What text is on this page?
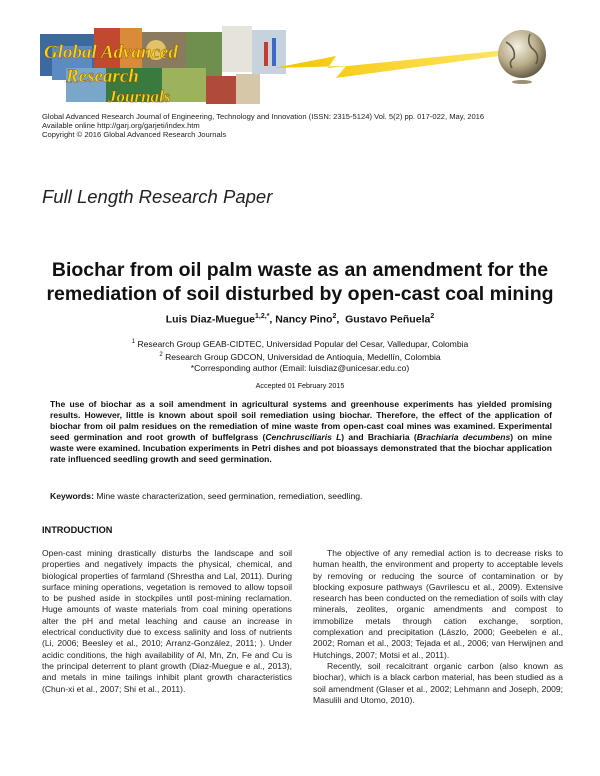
Global Advanced
Research
Journals
Global Advanced Research Journal of Engineering, Technology and Innovation (ISSN: 2315-5124) Vol. 5(2) pp. 017-022, May, 2016
Available online http://garj.org/garjeti/index.htm
Copyright © 2016 Global Advanced Research Journals
Full Length Research Paper
Biochar from oil palm waste as an amendment for the
remediation of soil disturbed by open-cast coal mining
Luis Diaz-Muegue$^{1,2,*}$, Nancy Pino$^2$,  Gustavo Peñuela$^2$
$^1$ Research Group GEAB-CIDTEC, Universidad Popular del Cesar, Valledupar, Colombia
$^2$ Research Group GDCON, Universidad de Antioquia, Medellín, Colombia
*Corresponding author (Email: luisdiaz@unicesar.edu.co)
Accepted 01 February 2015
The use of biochar as a soil amendment in agricultural systems and greenhouse experiments has yielded promising results. However, little is known about spoil soil remediation using biochar. Therefore, the effect of the application of biochar from oil palm residues on the remediation of mine waste from open-cast coal mines was examined. Experimental seed germination and root growth of buffelgrass (Cenchrusciliaris L) and Brachiaria (Brachiaria decumbens) on mine waste were examined. Incubation experiments in Petri dishes and pot bioassays demonstrated that the biochar application rate influenced seedling growth and seed germination.
Keywords: Mine waste characterization, seed germination, remediation, seedling.
INTRODUCTION

Open-cast mining drastically disturbs the landscape and soil properties and negatively impacts the physical, chemical, and biological properties of farmland (Shrestha and Lal, 2011). During surface mining operations, vegetation is removed to allow topsoil to be pushed aside in stockpiles until post-mining reclamation. Huge amounts of waste materials from coal mining operations alter the pH and metal leaching and cause an increase in electrical conductivity due to excess salinity and loss of nutrients (Li, 2006; Beesley et al., 2010; Arranz-González, 2011; ). Under acidic conditions, the high availability of Al, Mn, Zn, Fe and Cu is the principal deterrent to plant growth (Diaz-Muegue e al., 2013), and metals in mine tailings inhibit plant growth characteristics (Chun-xi et al., 2007; Shi et al., 2011).

The objective of any remedial action is to decrease risks to human health, the environment and property to acceptable levels by removing or reducing the source of contamination or by blocking exposure pathways (Gavrilescu et al., 2009). Extensive research has been conducted on the remediation of soils with clay minerals, zeolites, organic amendments and compost to immobilize metals through cation exchange, sorption, complexation and precipitation (Lászlo, 2000; Geebelen e al., 2002; Roman et al., 2003; Tejada et al., 2006; van Herwijnen and Hutchings, 2007; Motsi et al., 2011).

Recently, soil recalcitrant organic carbon (also known as biochar), which is a black carbon material, has been studied as a soil amendment (Glaser et al., 2002; Lehmann and Joseph, 2009; Masulili and Utomo, 2010).
